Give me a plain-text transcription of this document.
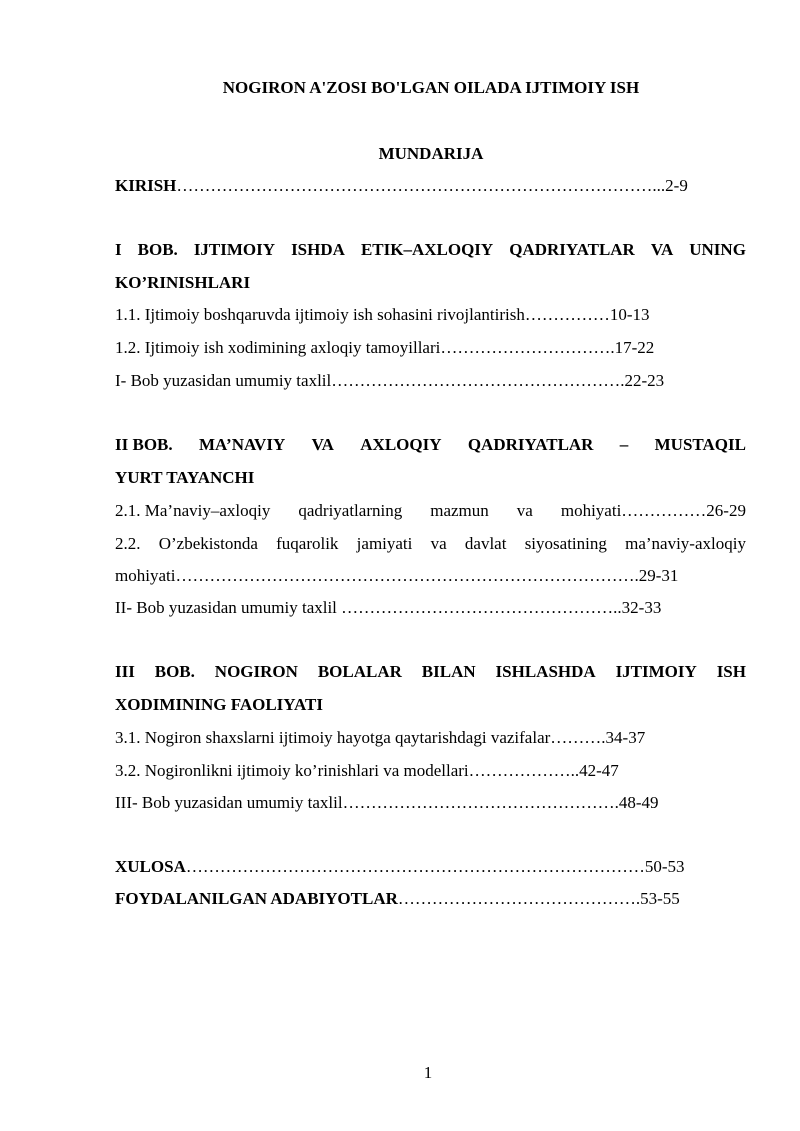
NOGIRON A'ZOSI BO'LGAN OILADA IJTIMOIY ISH
MUNDARIJA
KIRISH…………………………………………………………………………...2-9
I BOB. IJTIMOIY ISHDA ETIK–AXLOQIY QADRIYATLAR VA UNING
KO’RINISHLARI
1.1. Ijtimoiy boshqaruvda ijtimoiy ish sohasini rivojlantirish……………10-13
1.2. Ijtimoiy ish xodimining axloqiy tamoyillari………………………….17-22
I- Bob yuzasidan umumiy taxlil…………………………………………….22-23
II BOB. MA’NAVIY VA AXLOQIY QADRIYATLAR – MUSTAQIL
YURT TAYANCHI
2.1. Ma’naviy–axloqiy qadriyatlarning mazmun va mohiyati……………26-29
2.2. O’zbekistonda fuqarolik jamiyati va davlat siyosatining ma’naviy-axloqiy
mohiyati……………………………………………………………………….29-31
II- Bob yuzasidan umumiy taxlil …………………………………………..32-33
III BOB. NOGIRON BOLALAR BILAN ISHLASHDA IJTIMOIY ISH
XODIMINING FAOLIYATI
3.1. Nogiron shaxslarni ijtimoiy hayotga qaytarishdagi vazifalar……….34-37
3.2. Nogironlikni ijtimoiy ko’rinishlari va modellari………………..42-47
III- Bob yuzasidan umumiy taxlil………………………………………….48-49
XULOSA………………………………………………………………………50-53
FOYDALANILGAN ADABIYOTLAR…………………………………….53-55
1
